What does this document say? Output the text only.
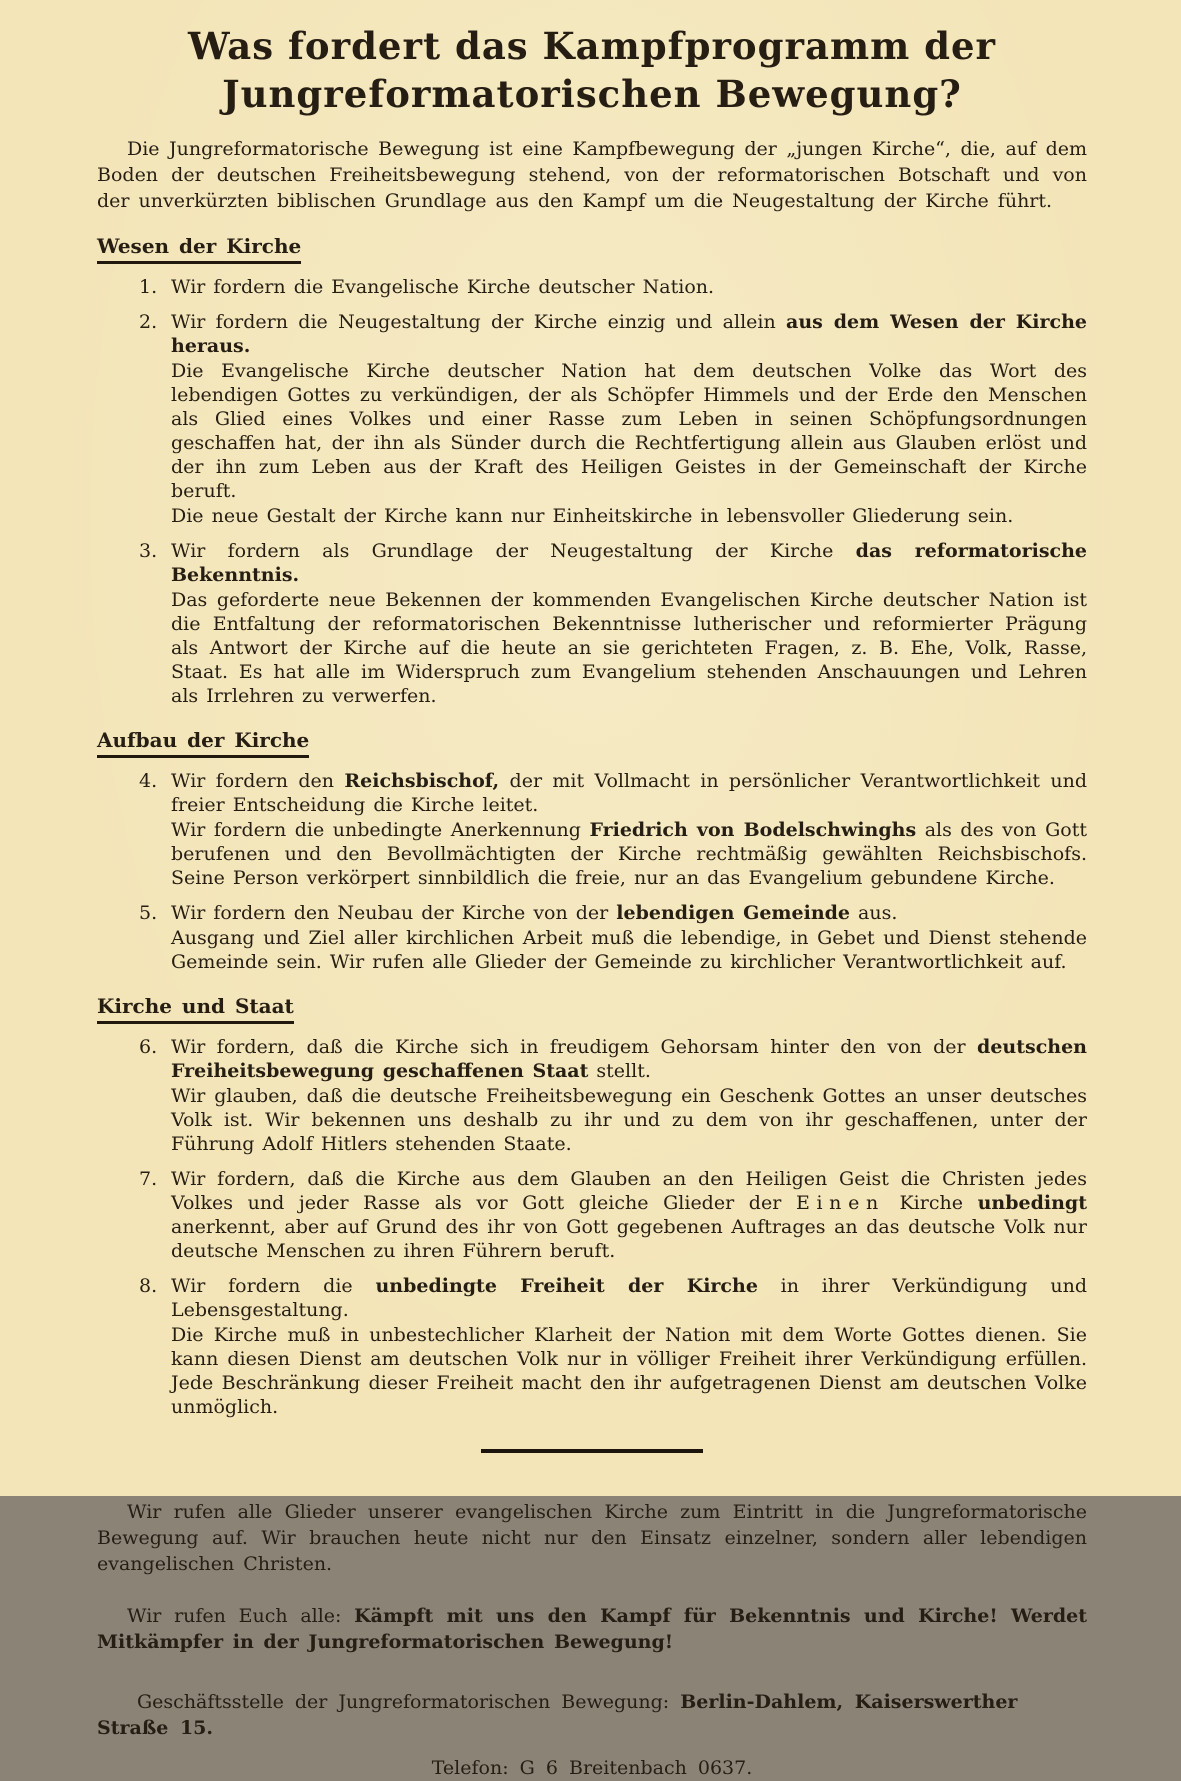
Was fordert das Kampfprogramm der
Jungreformatorischen Bewegung?

Die Jungreformatorische Bewegung ist eine Kampfbewegung der „jungen Kirche“, die, auf dem Boden der deutschen Freiheitsbewegung stehend, von der reformatorischen Botschaft und von der unverkürzten biblischen Grundlage aus den Kampf um die Neugestaltung der Kirche führt.

Wesen der Kirche
1. Wir fordern die Evangelische Kirche deutscher Nation.

2. Wir fordern die Neugestaltung der Kirche einzig und allein aus dem Wesen der Kirche heraus.

Die Evangelische Kirche deutscher Nation hat dem deutschen Volke das Wort des lebendigen Gottes zu verkündigen, der als Schöpfer Himmels und der Erde den Menschen als Glied eines Volkes und einer Rasse zum Leben in seinen Schöpfungsordnungen geschaffen hat, der ihn als Sünder durch die Rechtfertigung allein aus Glauben erlöst und der ihn zum Leben aus der Kraft des Heiligen Geistes in der Gemeinschaft der Kirche beruft.

Die neue Gestalt der Kirche kann nur Einheitskirche in lebensvoller Gliederung sein.

3. Wir fordern als Grundlage der Neugestaltung der Kirche das reformatorische Bekenntnis.

Das geforderte neue Bekennen der kommenden Evangelischen Kirche deutscher Nation ist die Entfaltung der reformatorischen Bekenntnisse lutherischer und reformierter Prägung als Antwort der Kirche auf die heute an sie gerichteten Fragen, z. B. Ehe, Volk, Rasse, Staat. Es hat alle im Widerspruch zum Evangelium stehenden Anschauungen und Lehren als Irrlehren zu verwerfen.

Aufbau der Kirche
4. Wir fordern den Reichsbischof, der mit Vollmacht in persönlicher Verantwortlichkeit und freier Entscheidung die Kirche leitet.

Wir fordern die unbedingte Anerkennung Friedrich von Bodelschwinghs als des von Gott berufenen und den Bevollmächtigten der Kirche rechtmäßig gewählten Reichsbischofs. Seine Person verkörpert sinnbildlich die freie, nur an das Evangelium gebundene Kirche.

5. Wir fordern den Neubau der Kirche von der lebendigen Gemeinde aus.

Ausgang und Ziel aller kirchlichen Arbeit muß die lebendige, in Gebet und Dienst stehende Gemeinde sein. Wir rufen alle Glieder der Gemeinde zu kirchlicher Verantwortlichkeit auf.

Kirche und Staat
6. Wir fordern, daß die Kirche sich in freudigem Gehorsam hinter den von der deutschen Freiheitsbewegung geschaffenen Staat stellt.

Wir glauben, daß die deutsche Freiheitsbewegung ein Geschenk Gottes an unser deutsches Volk ist. Wir bekennen uns deshalb zu ihr und zu dem von ihr geschaffenen, unter der Führung Adolf Hitlers stehenden Staate.

7. Wir fordern, daß die Kirche aus dem Glauben an den Heiligen Geist die Christen jedes Volkes und jeder Rasse als vor Gott gleiche Glieder der Einen Kirche unbedingt anerkennt, aber auf Grund des ihr von Gott gegebenen Auftrages an das deutsche Volk nur deutsche Menschen zu ihren Führern beruft.

8. Wir fordern die unbedingte Freiheit der Kirche in ihrer Verkündigung und Lebensgestaltung.

Die Kirche muß in unbestechlicher Klarheit der Nation mit dem Worte Gottes dienen. Sie kann diesen Dienst am deutschen Volk nur in völliger Freiheit ihrer Verkündigung erfüllen. Jede Beschränkung dieser Freiheit macht den ihr aufgetragenen Dienst am deutschen Volke unmöglich.

Wir rufen alle Glieder unserer evangelischen Kirche zum Eintritt in die Jungreformatorische Bewegung auf. Wir brauchen heute nicht nur den Einsatz einzelner, sondern aller lebendigen evangelischen Christen.

Wir rufen Euch alle: Kämpft mit uns den Kampf für Bekenntnis und Kirche! Werdet Mitkämpfer in der Jungreformatorischen Bewegung!

Geschäftsstelle der Jungreformatorischen Bewegung: Berlin-Dahlem, Kaiserswerther Straße 15.

Telefon: G 6 Breitenbach 0637.
